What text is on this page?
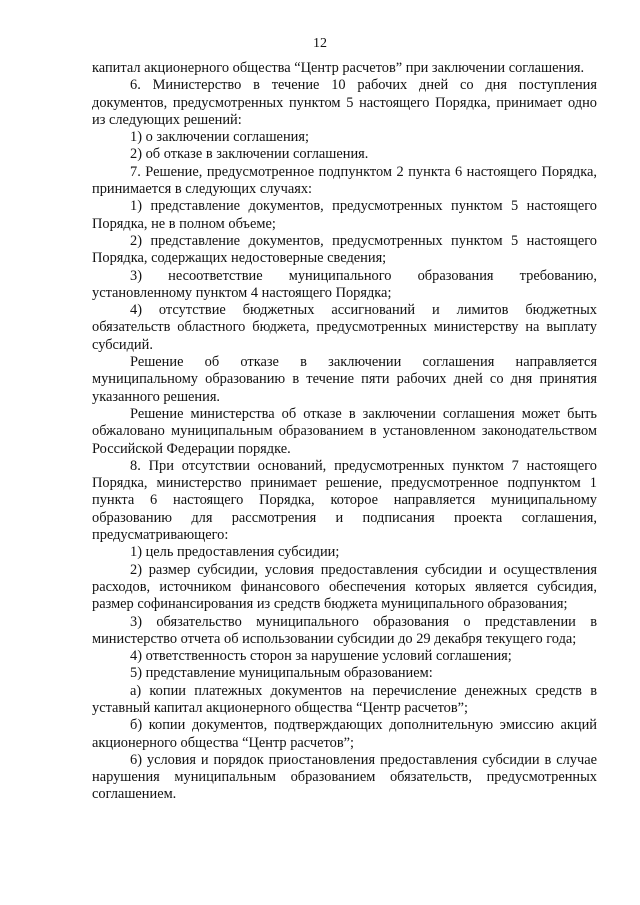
12

капитал акционерного общества “Центр расчетов” при заключении соглашения.

6. Министерство в течение 10 рабочих дней со дня поступления документов, предусмотренных пунктом 5 настоящего Порядка, принимает одно из следующих решений:

1) о заключении соглашения;

2) об отказе в заключении соглашения.

7. Решение, предусмотренное подпунктом 2 пункта 6 настоящего Порядка, принимается в следующих случаях:

1) представление документов, предусмотренных пунктом 5 настоящего Порядка, не в полном объеме;

2) представление документов, предусмотренных пунктом 5 настоящего Порядка, содержащих недостоверные сведения;

3) несоответствие муниципального образования требованию, установленному пунктом 4 настоящего Порядка;

4) отсутствие бюджетных ассигнований и лимитов бюджетных обязательств областного бюджета, предусмотренных министерству на выплату субсидий.

Решение об отказе в заключении соглашения направляется муниципальному образованию в течение пяти рабочих дней со дня принятия указанного решения.

Решение министерства об отказе в заключении соглашения может быть обжаловано муниципальным образованием в установленном законодательством Российской Федерации порядке.

8. При отсутствии оснований, предусмотренных пунктом 7 настоящего Порядка, министерство принимает решение, предусмотренное подпунктом 1 пункта 6 настоящего Порядка, которое направляется муниципальному образованию для рассмотрения и подписания проекта соглашения, предусматривающего:

1) цель предоставления субсидии;

2) размер субсидии, условия предоставления субсидии и осуществления расходов, источником финансового обеспечения которых является субсидия, размер софинансирования из средств бюджета муниципального образования;

3) обязательство муниципального образования о представлении в министерство отчета об использовании субсидии до 29 декабря текущего года;

4) ответственность сторон за нарушение условий соглашения;

5) представление муниципальным образованием:

а) копии платежных документов на перечисление денежных средств в уставный капитал акционерного общества “Центр расчетов”;

б) копии документов, подтверждающих дополнительную эмиссию акций акционерного общества “Центр расчетов”;

6) условия и порядок приостановления предоставления субсидии в случае нарушения муниципальным образованием обязательств, предусмотренных соглашением.
